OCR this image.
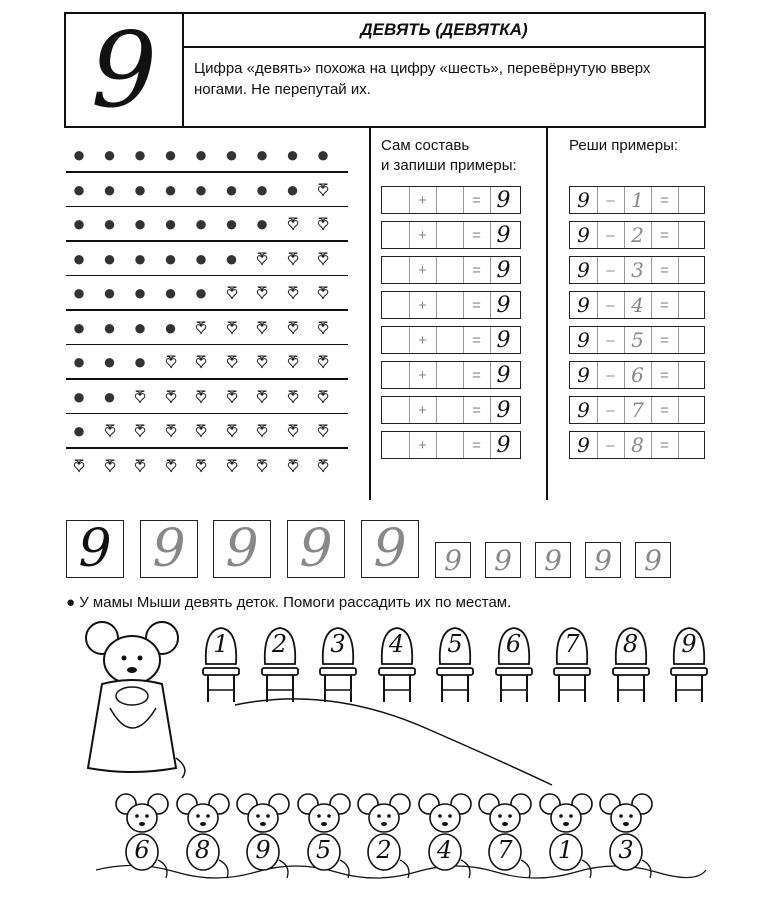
9	ДЕВЯТЬ (ДЕВЯТКА)
Цифра «девять» похожа на цифру «шесть», перевёрнутую вверх ногами. Не перепутай их.
● ● ● ● ● ● ● ● ●
● ● ● ● ● ● ● ● ♠
● ● ● ● ● ● ● ♠ ♠
● ● ● ● ● ● ♠ ♠ ♠
● ● ● ● ● ♠ ♠ ♠ ♠
● ● ● ● ♠ ♠ ♠ ♠ ♠
● ● ● ♠ ♠ ♠ ♠ ♠ ♠
● ● ♠ ♠ ♠ ♠ ♠ ♠ ♠
● ♠ ♠ ♠ ♠ ♠ ♠ ♠ ♠
♠ ♠ ♠ ♠ ♠ ♠ ♠ ♠ ♠
Сам составь
и запиши примеры:
+	= 9
+	= 9
+	= 9
+	= 9
+	= 9
+	= 9
+	= 9
+	= 9
Реши примеры:
9	– 1	=
9	– 2	=
9	– 3	=
9	– 4	=
9	– 5	=
9	– 6	=
9	– 7	=
9	– 8	=
9 9 9 9 9	9	9	9	9	9
● У мамы Мыши девять деток. Помоги рассадить их по местам.
1	2	3	4	5	6	7	8	9
6	8	9	5	2	4	7	1	3
